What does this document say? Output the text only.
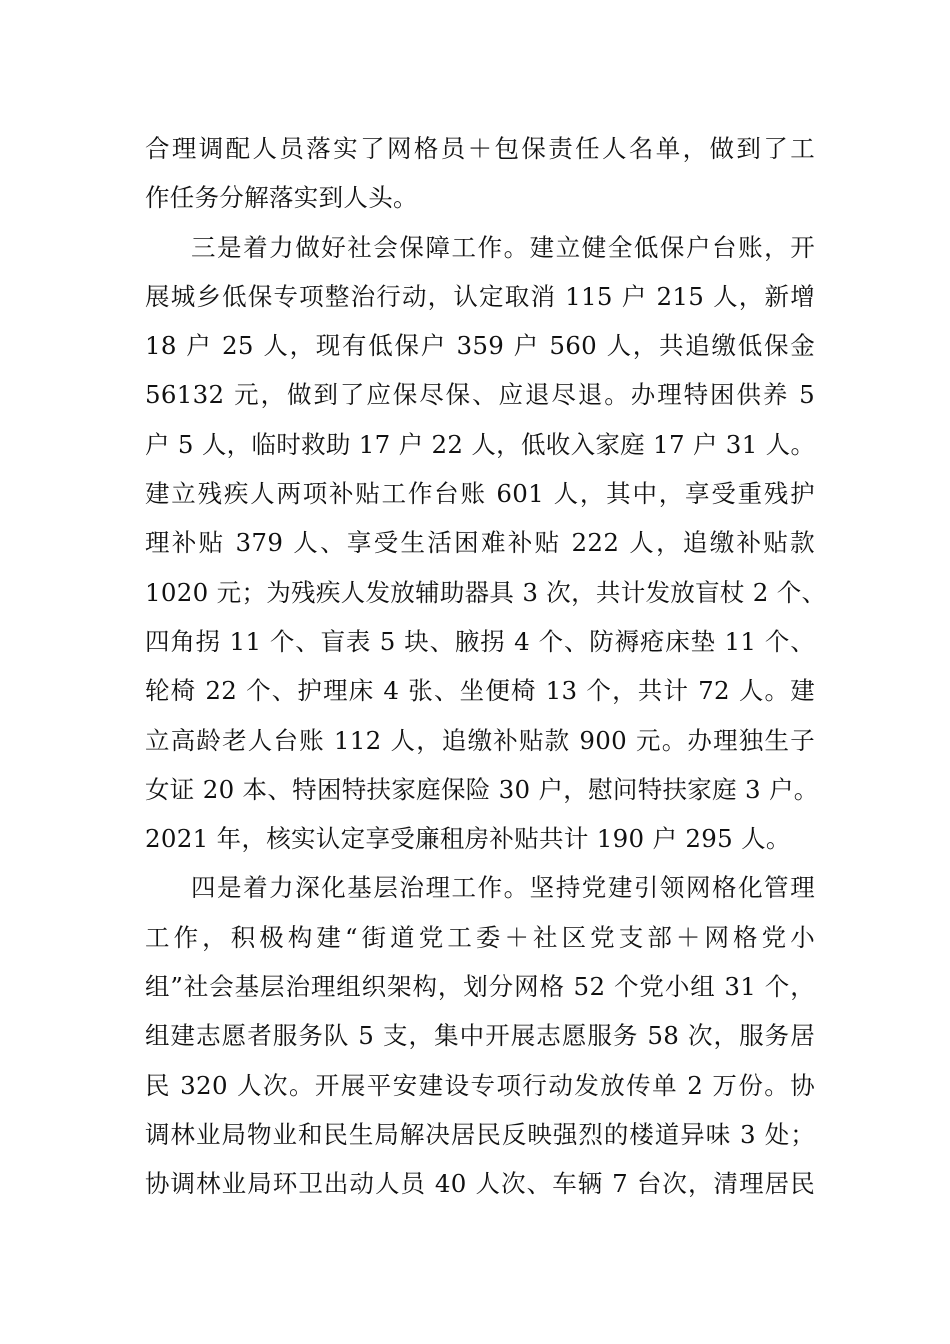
合理调配人员落实了网格员＋包保责任人名单，做到了工
作任务分解落实到人头。
三是着力做好社会保障工作。建立健全低保户台账，开
展城乡低保专项整治行动，认定取消 115 户 215 人，新增
18 户 25 人，现有低保户 359 户 560 人，共追缴低保金
56132 元，做到了应保尽保、应退尽退。办理特困供养 5
户 5 人，临时救助 17 户 22 人，低收入家庭 17 户 31 人。
建立残疾人两项补贴工作台账 601 人，其中，享受重残护
理补贴 379 人、享受生活困难补贴 222 人，追缴补贴款
1020 元；为残疾人发放辅助器具 3 次，共计发放盲杖 2 个、
四角拐 11 个、盲表 5 块、腋拐 4 个、防褥疮床垫 11 个、
轮椅 22 个、护理床 4 张、坐便椅 13 个，共计 72 人。建
立高龄老人台账 112 人，追缴补贴款 900 元。办理独生子
女证 20 本、特困特扶家庭保险 30 户，慰问特扶家庭 3 户。
2021 年，核实认定享受廉租房补贴共计 190 户 295 人。
四是着力深化基层治理工作。坚持党建引领网格化管理
工作，积极构建“街道党工委＋社区党支部＋网格党小
组”社会基层治理组织架构，划分网格 52 个党小组 31 个，
组建志愿者服务队 5 支，集中开展志愿服务 58 次，服务居
民 320 人次。开展平安建设专项行动发放传单 2 万份。协
调林业局物业和民生局解决居民反映强烈的楼道异味 3 处；
协调林业局环卫出动人员 40 人次、车辆 7 台次，清理居民
